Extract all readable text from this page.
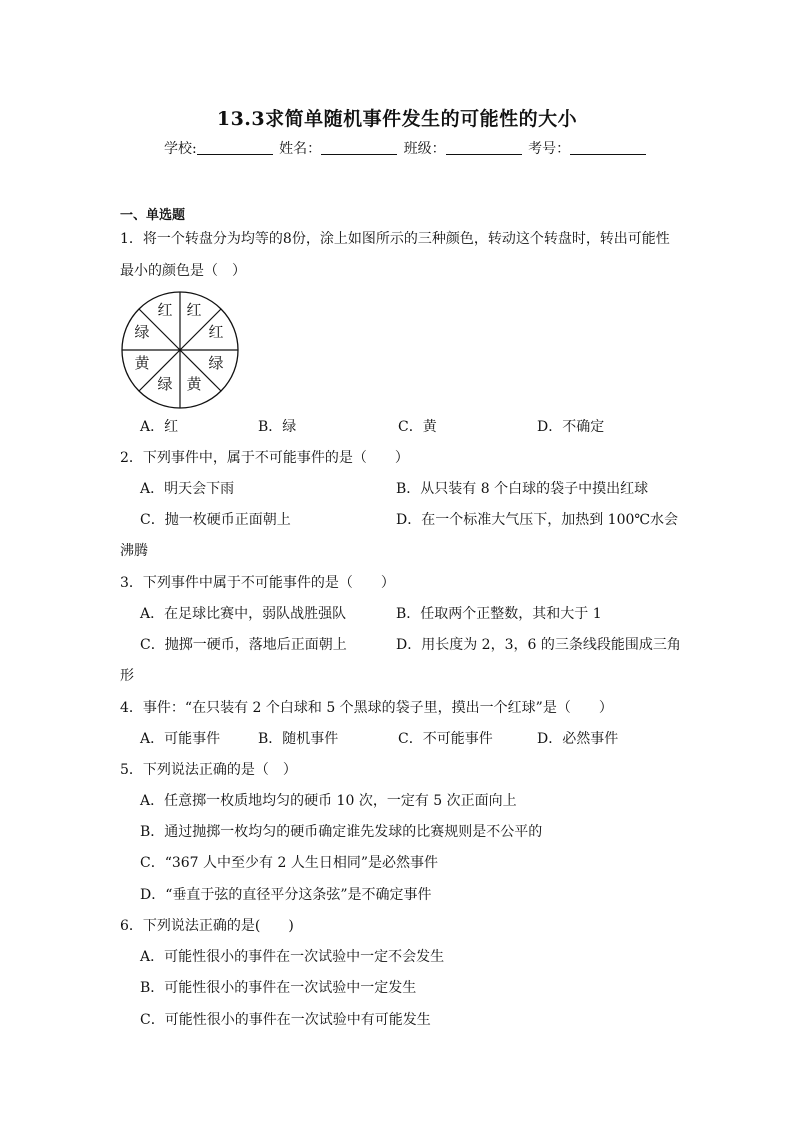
13.3求简单随机事件发生的可能性的大小
学校:	姓名：	班级：	考号：
一、单选题
1．将一个转盘分为均等的8份，涂上如图所示的三种颜色，转动这个转盘时，转出可能性
最小的颜色是（　）
红
红
绿
黄
绿
黄
绿
红
A．红	B．绿	C．黄	D．不确定
2．下列事件中，属于不可能事件的是（　　）
A．明天会下雨	B．从只装有 8 个白球的袋子中摸出红球
C．抛一枚硬币正面朝上	D．在一个标准大气压下，加热到 100℃水会
沸腾
3．下列事件中属于不可能事件的是（　　）
A．在足球比赛中，弱队战胜强队	B．任取两个正整数，其和大于 1
C．抛掷一硬币，落地后正面朝上	D．用长度为 2，3，6 的三条线段能围成三角
形
4．事件：“在只装有 2 个白球和 5 个黑球的袋子里，摸出一个红球”是（　　）
A．可能事件	B．随机事件	C．不可能事件	D．必然事件
5．下列说法正确的是（　）
A．任意掷一枚质地均匀的硬币 10 次，一定有 5 次正面向上
B．通过抛掷一枚均匀的硬币确定谁先发球的比赛规则是不公平的
C．“367 人中至少有 2 人生日相同”是必然事件
D．“垂直于弦的直径平分这条弦”是不确定事件
6．下列说法正确的是(　　)
A．可能性很小的事件在一次试验中一定不会发生
B．可能性很小的事件在一次试验中一定发生
C．可能性很小的事件在一次试验中有可能发生
